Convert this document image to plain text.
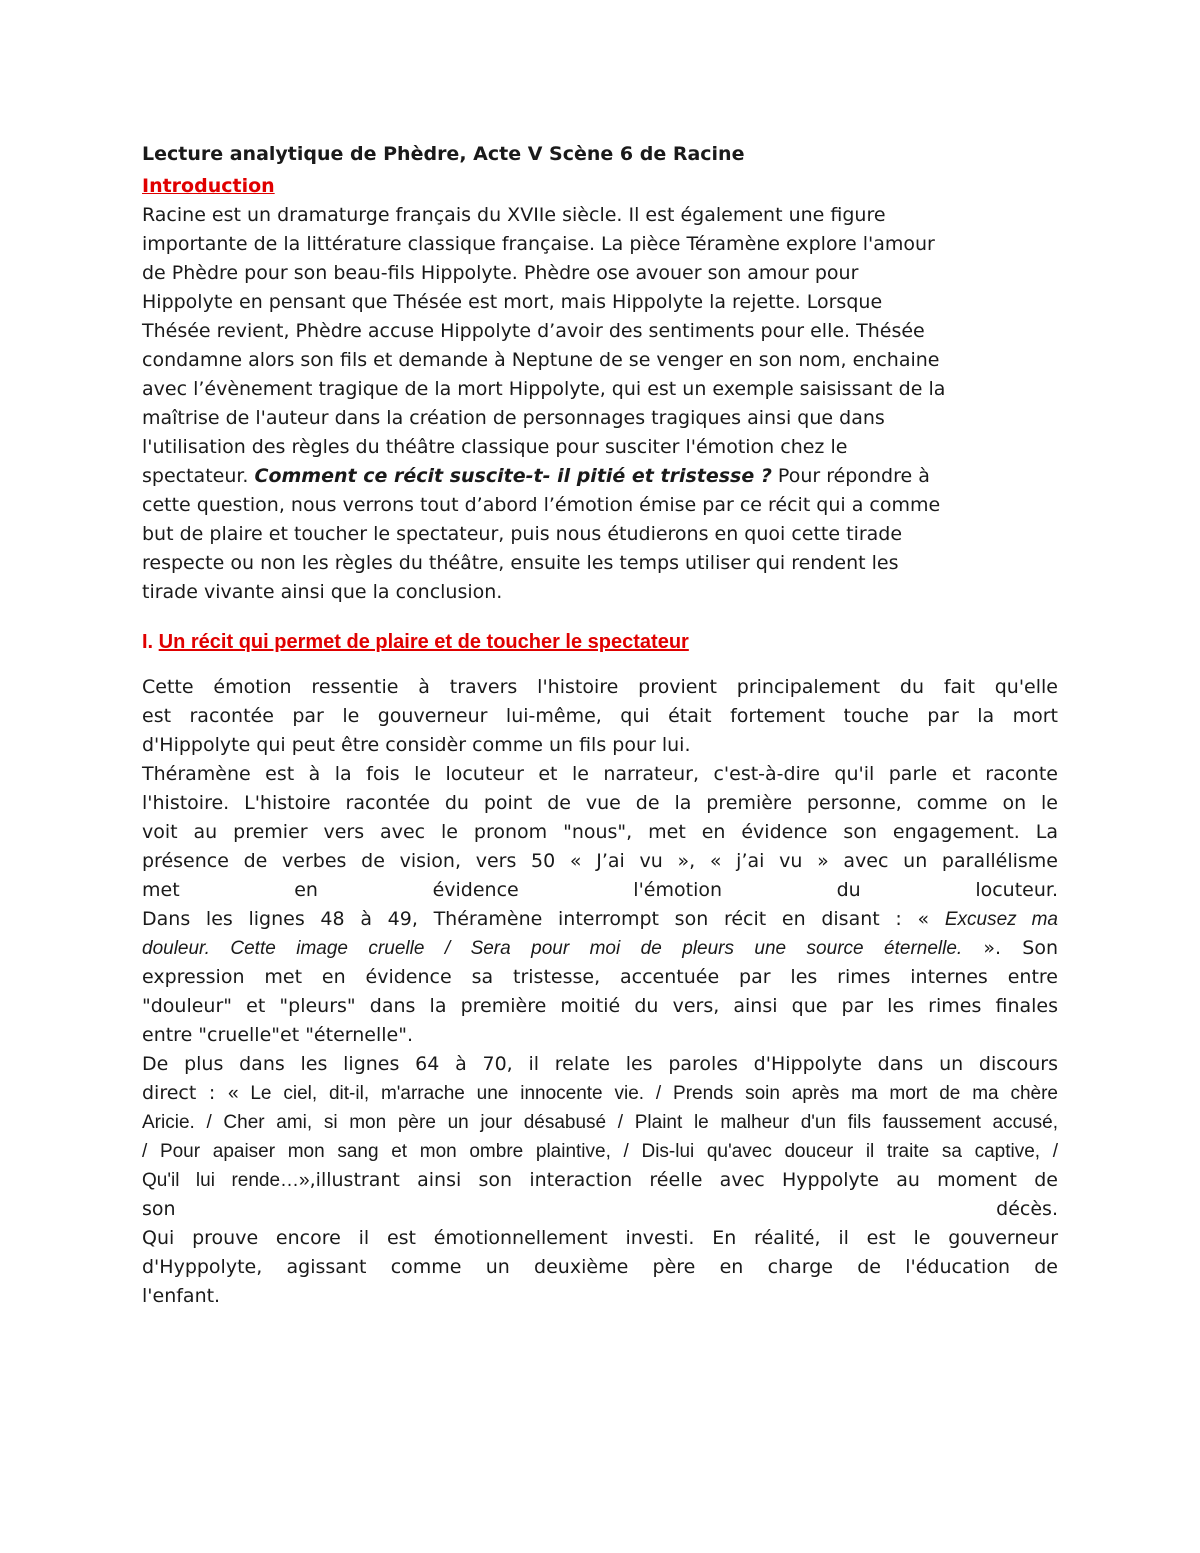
Lecture analytique de Phèdre, Acte V Scène 6 de Racine
Introduction
Racine est un dramaturge français du XVIIe siècle. Il est également une figure
importante de la littérature classique française. La pièce Téramène explore l'amour
de Phèdre pour son beau-fils Hippolyte. Phèdre ose avouer son amour pour
Hippolyte en pensant que Thésée est mort, mais Hippolyte la rejette. Lorsque
Thésée revient, Phèdre accuse Hippolyte d’avoir des sentiments pour elle. Thésée
condamne alors son fils et demande à Neptune de se venger en son nom, enchaine
avec l’évènement tragique de la mort Hippolyte, qui est un exemple saisissant de la
maîtrise de l'auteur dans la création de personnages tragiques ainsi que dans
l'utilisation des règles du théâtre classique pour susciter l'émotion chez le
spectateur. Comment ce récit suscite-t- il pitié et tristesse ? Pour répondre à
cette question, nous verrons tout d’abord l’émotion émise par ce récit qui a comme
but de plaire et toucher le spectateur, puis nous étudierons en quoi cette tirade
respecte ou non les règles du théâtre, ensuite les temps utiliser qui rendent les
tirade vivante ainsi que la conclusion.
I. Un récit qui permet de plaire et de toucher le spectateur
Cette émotion ressentie à travers l'histoire provient principalement du fait qu'elle
est racontée par le gouverneur lui-même, qui était fortement touche par la mort
d'Hippolyte qui peut être considèr comme un fils pour lui.
Théramène est à la fois le locuteur et le narrateur, c'est-à-dire qu'il parle et raconte
l'histoire. L'histoire racontée du point de vue de la première personne, comme on le
voit au premier vers avec le pronom "nous", met en évidence son engagement. La
présence de verbes de vision, vers 50 « J’ai vu », « j’ai vu » avec un parallélisme
met en évidence l'émotion du locuteur.
Dans les lignes 48 à 49, Théramène interrompt son récit en disant : « Excusez ma
douleur. Cette image cruelle / Sera pour moi de pleurs une source éternelle. ». Son
expression met en évidence sa tristesse, accentuée par les rimes internes entre
"douleur" et "pleurs" dans la première moitié du vers, ainsi que par les rimes finales
entre "cruelle"et "éternelle".
De plus dans les lignes 64 à 70, il relate les paroles d'Hippolyte dans un discours
direct : « Le ciel, dit-il, m'arrache une innocente vie. / Prends soin après ma mort de ma chère
Aricie. / Cher ami, si mon père un jour désabusé / Plaint le malheur d'un fils faussement accusé,
/ Pour apaiser mon sang et mon ombre plaintive, / Dis-lui qu'avec douceur il traite sa captive, /
Qu'il lui rende…»,illustrant ainsi son interaction réelle avec Hyppolyte au moment de
son décès.
Qui prouve encore il est émotionnellement investi. En réalité, il est le gouverneur
d'Hyppolyte, agissant comme un deuxième père en charge de l'éducation de
l'enfant.
